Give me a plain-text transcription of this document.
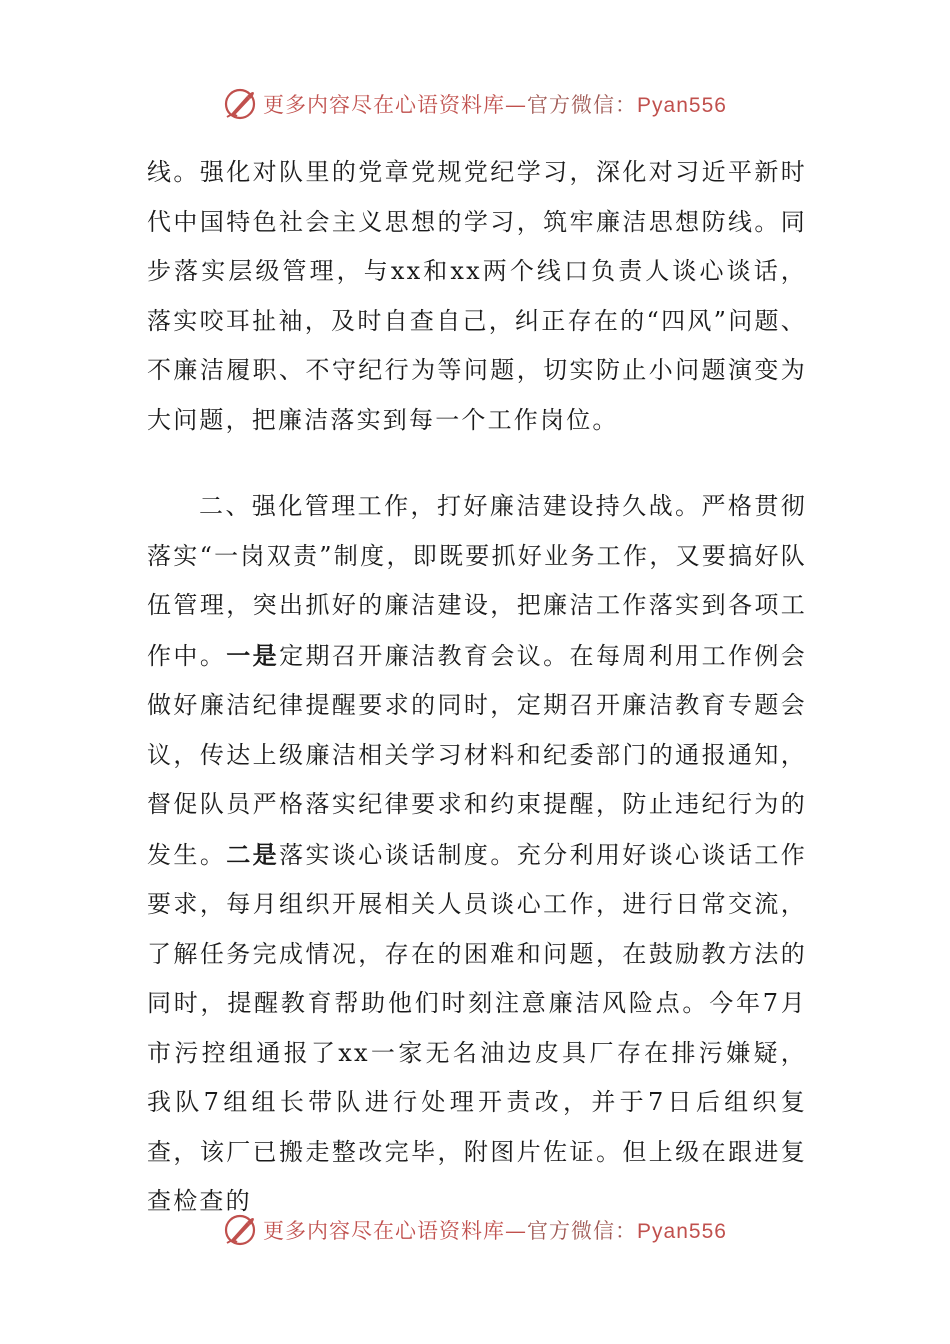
更多内容尽在心语资料库—官方微信：Pyan556

线。强化对队里的党章党规党纪学习，深化对习近平新时代中国特色社会主义思想的学习，筑牢廉洁思想防线。同步落实层级管理，与xx和xx两个线口负责人谈心谈话，落实咬耳扯袖，及时自查自己，纠正存在的“四风”问题、不廉洁履职、不守纪行为等问题，切实防止小问题演变为大问题，把廉洁落实到每一个工作岗位。

二、强化管理工作，打好廉洁建设持久战。严格贯彻落实“一岗双责”制度，即既要抓好业务工作，又要搞好队伍管理，突出抓好的廉洁建设，把廉洁工作落实到各项工作中。一是定期召开廉洁教育会议。在每周利用工作例会做好廉洁纪律提醒要求的同时，定期召开廉洁教育专题会议，传达上级廉洁相关学习材料和纪委部门的通报通知，督促队员严格落实纪律要求和约束提醒，防止违纪行为的发生。二是落实谈心谈话制度。充分利用好谈心谈话工作要求，每月组织开展相关人员谈心工作，进行日常交流，了解任务完成情况，存在的困难和问题，在鼓励教方法的同时，提醒教育帮助他们时刻注意廉洁风险点。今年7月市污控组通报了xx一家无名油边皮具厂存在排污嫌疑，我队7组组长带队进行处理开责改，并于7日后组织复查，该厂已搬走整改完毕，附图片佐证。但上级在跟进复查检查的

更多内容尽在心语资料库—官方微信：Pyan556
